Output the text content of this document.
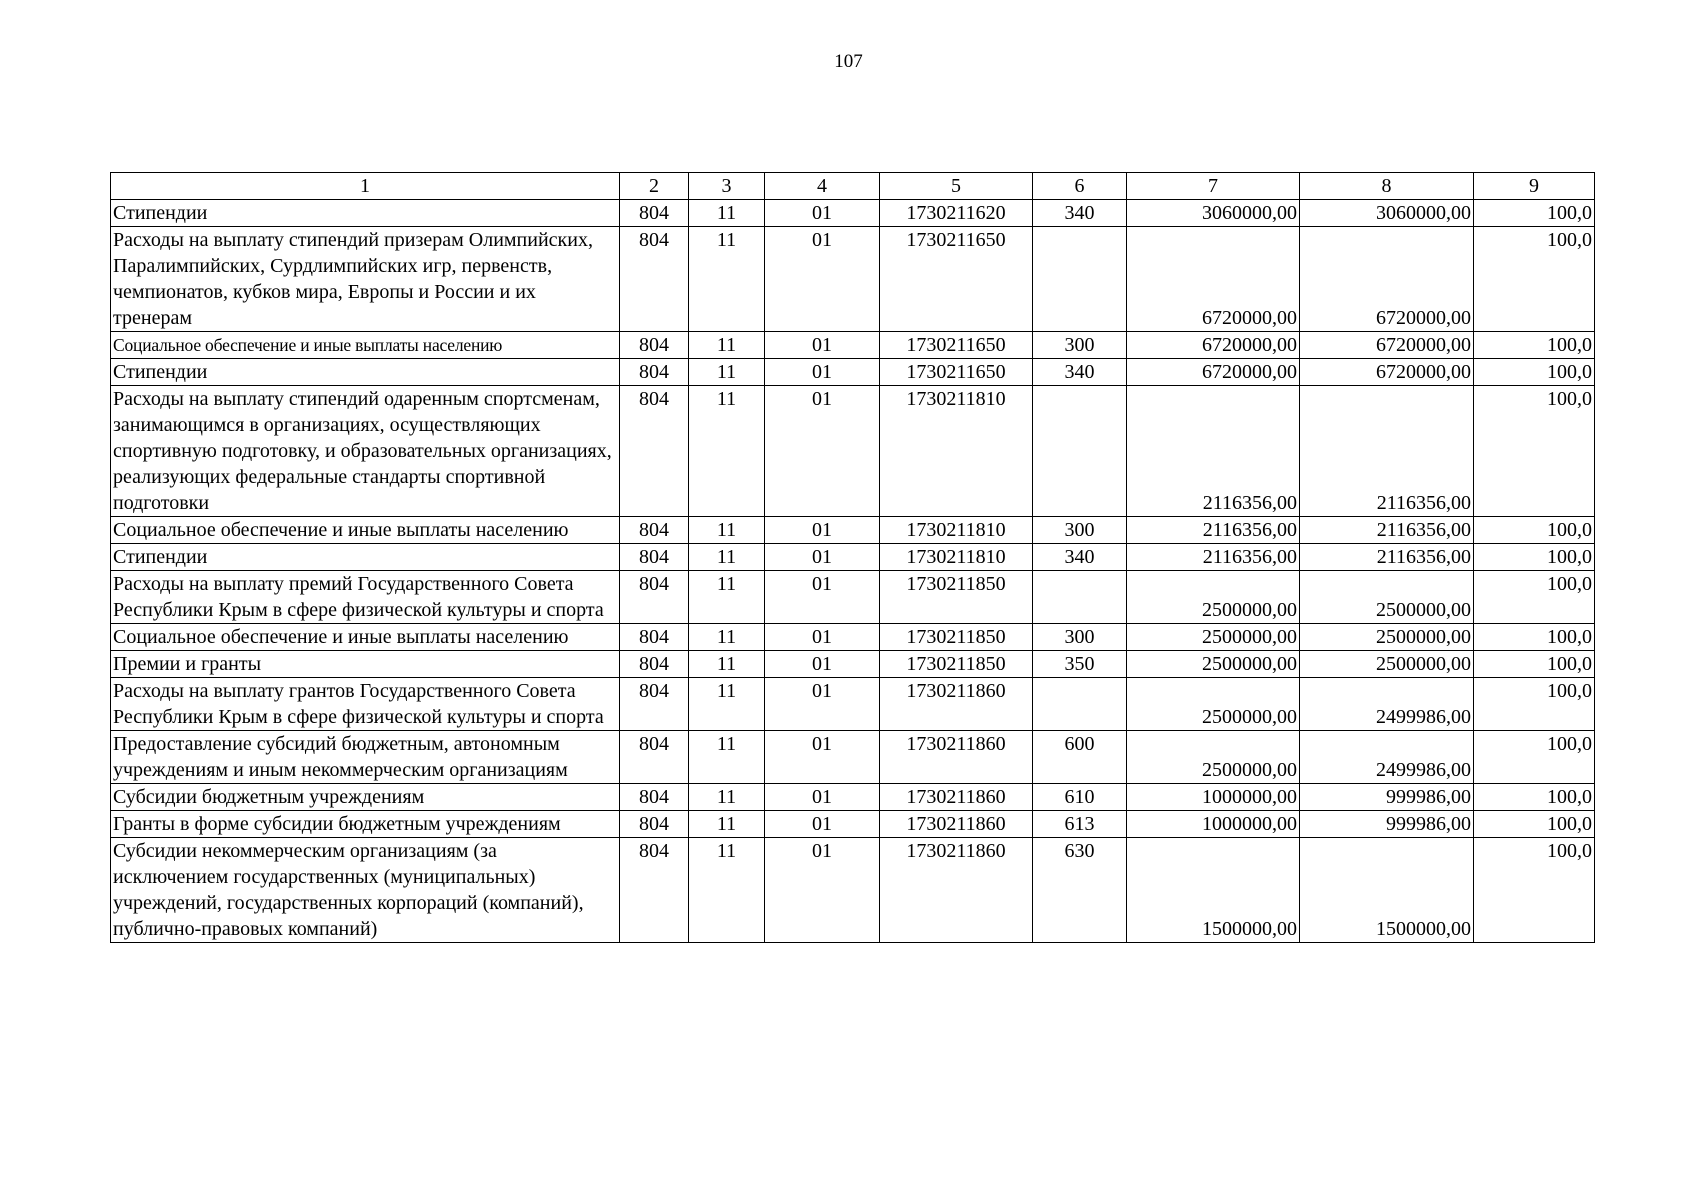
107
1	2	3	4	5	6	7	8	9
Стипендии	804	11	01	1730211620	340	3060000,00	3060000,00	100,0
Расходы на выплату стипендий призерам Олимпийских, Паралимпийских, Сурдлимпийских игр, первенств, чемпионатов, кубков мира, Европы и России и их тренерам	804	11	01	1730211650		6720000,00	6720000,00	100,0
Социальное обеспечение и иные выплаты населению	804	11	01	1730211650	300	6720000,00	6720000,00	100,0
Стипендии	804	11	01	1730211650	340	6720000,00	6720000,00	100,0
Расходы на выплату стипендий одаренным спортсменам, занимающимся в организациях, осуществляющих спортивную подготовку, и образовательных организациях, реализующих федеральные стандарты спортивной подготовки	804	11	01	1730211810		2116356,00	2116356,00	100,0
Социальное обеспечение и иные выплаты населению	804	11	01	1730211810	300	2116356,00	2116356,00	100,0
Стипендии	804	11	01	1730211810	340	2116356,00	2116356,00	100,0
Расходы на выплату премий Государственного Совета Республики Крым в сфере физической культуры и спорта	804	11	01	1730211850		2500000,00	2500000,00	100,0
Социальное обеспечение и иные выплаты населению	804	11	01	1730211850	300	2500000,00	2500000,00	100,0
Премии и гранты	804	11	01	1730211850	350	2500000,00	2500000,00	100,0
Расходы на выплату грантов Государственного Совета Республики Крым в сфере физической культуры и спорта	804	11	01	1730211860		2500000,00	2499986,00	100,0
Предоставление субсидий бюджетным, автономным учреждениям и иным некоммерческим организациям	804	11	01	1730211860	600	2500000,00	2499986,00	100,0
Субсидии бюджетным учреждениям	804	11	01	1730211860	610	1000000,00	999986,00	100,0
Гранты в форме субсидии бюджетным учреждениям	804	11	01	1730211860	613	1000000,00	999986,00	100,0
Субсидии некоммерческим организациям (за исключением государственных (муниципальных) учреждений, государственных корпораций (компаний), публично-правовых компаний)	804	11	01	1730211860	630	1500000,00	1500000,00	100,0
